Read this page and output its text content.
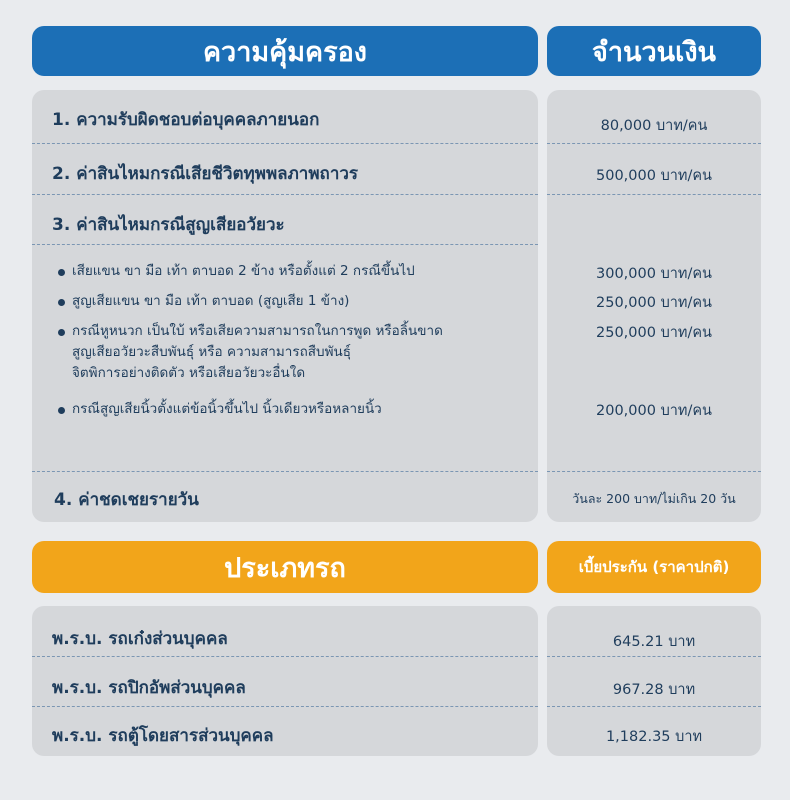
ความคุ้มครอง	จำนวนเงิน
1. ความรับผิดชอบต่อบุคคลภายนอก
2. ค่าสินไหมกรณีเสียชีวิตทุพพลภาพถาวร
3. ค่าสินไหมกรณีสูญเสียอวัยวะ
เสียแขน ขา มือ เท้า ตาบอด 2 ข้าง หรือตั้งแต่ 2 กรณีขึ้นไป
สูญเสียแขน ขา มือ เท้า ตาบอด (สูญเสีย 1 ข้าง)
กรณีหูหนวก เป็นใบ้ หรือเสียความสามารถในการพูด หรือลิ้นขาด
สูญเสียอวัยวะสืบพันธุ์ หรือ ความสามารถสืบพันธุ์
จิตพิการอย่างติดตัว หรือเสียอวัยวะอื่นใด
กรณีสูญเสียนิ้วตั้งแต่ข้อนิ้วขึ้นไป นิ้วเดียวหรือหลายนิ้ว
4. ค่าชดเชยรายวัน
80,000 บาท/คน
500,000 บาท/คน
300,000 บาท/คน
250,000 บาท/คน
250,000 บาท/คน
200,000 บาท/คน
วันละ 200 บาท/ไม่เกิน 20 วัน
ประเภทรถ	เบี้ยประกัน (ราคาปกติ)
พ.ร.บ. รถเก๋งส่วนบุคคล
พ.ร.บ. รถปิกอัพส่วนบุคคล
พ.ร.บ. รถตู้โดยสารส่วนบุคคล
645.21 บาท
967.28 บาท
1,182.35 บาท
